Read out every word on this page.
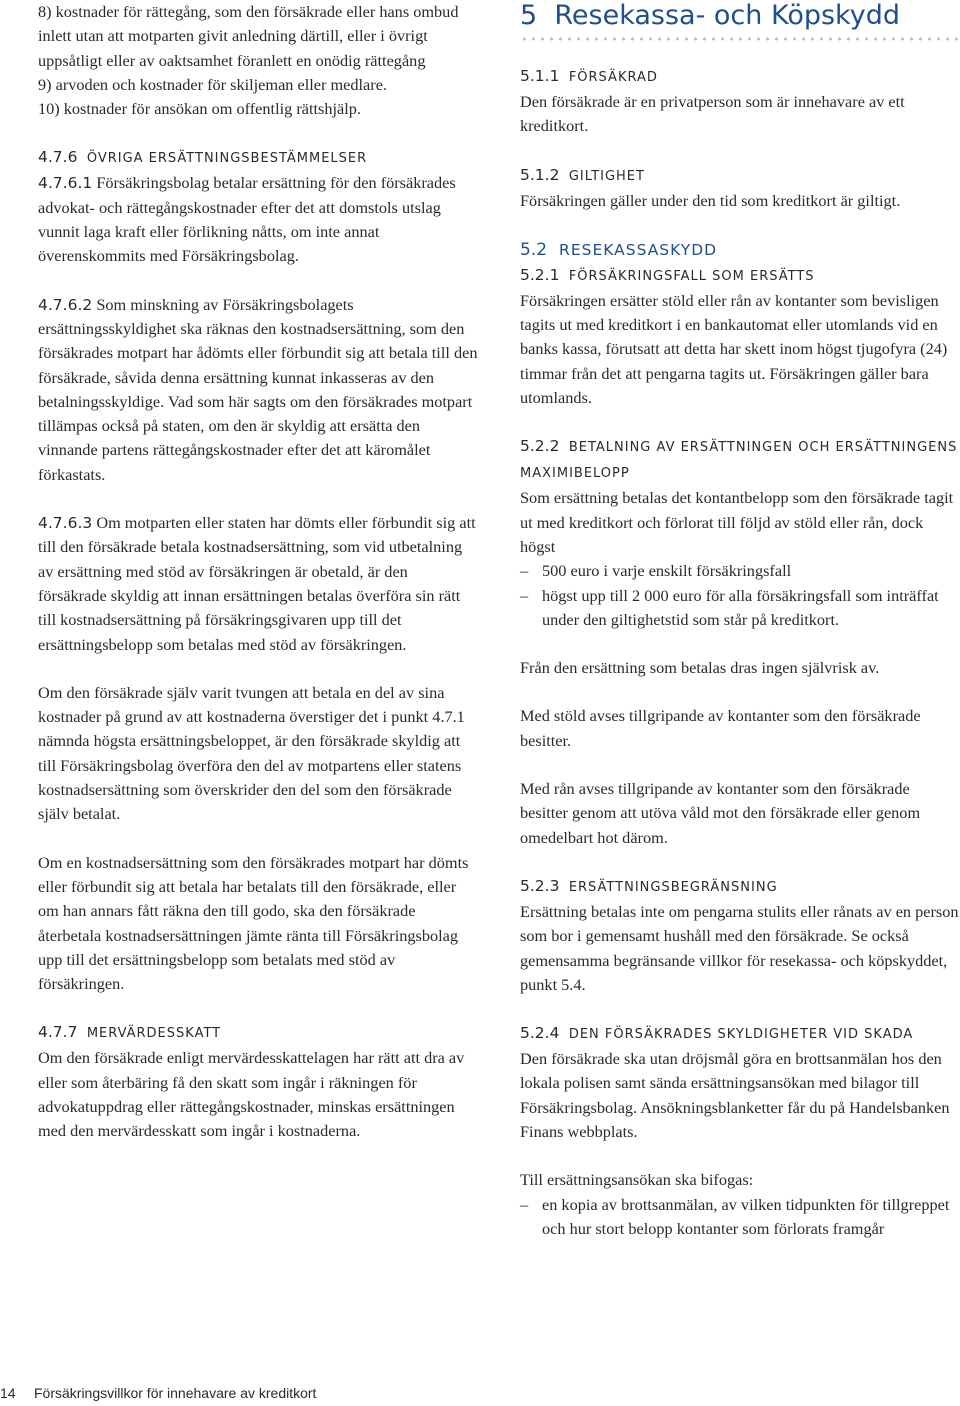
8) kostnader för rättegång, som den försäkrade eller hans ombud inlett utan att motparten givit anledning därtill, eller i övrigt uppsåtligt eller av oaktsamhet föranlett en onödig rättegång

9) arvoden och kostnader för skiljeman eller medlare.

10) kostnader för ansökan om offentlig rättshjälp.

4.7.6 ÖVRIGA ERSÄTTNINGSBESTÄMMELSER

4.7.6.1 Försäkringsbolag betalar ersättning för den försäkrades advokat- och rättegångskostnader efter det att domstols utslag vunnit laga kraft eller förlikning nåtts, om inte annat överenskommits med Försäkringsbolag.

4.7.6.2 Som minskning av Försäkringsbolagets ersättningsskyldighet ska räknas den kostnadsersättning, som den försäkrades motpart har ådömts eller förbundit sig att betala till den försäkrade, såvida denna ersättning kunnat inkasseras av den betalningsskyldige. Vad som här sagts om den försäkrades motpart tillämpas också på staten, om den är skyldig att ersätta den vinnande partens rättegångskostnader efter det att käromålet förkastats.

4.7.6.3 Om motparten eller staten har dömts eller förbundit sig att till den försäkrade betala kostnadsersättning, som vid utbetalning av ersättning med stöd av försäkringen är obetald, är den försäkrade skyldig att innan ersättningen betalas överföra sin rätt till kostnadsersättning på försäkringsgivaren upp till det ersättningsbelopp som betalas med stöd av försäkringen.

Om den försäkrade själv varit tvungen att betala en del av sina kostnader på grund av att kostnaderna överstiger det i punkt 4.7.1 nämnda högsta ersättningsbeloppet, är den försäkrade skyldig att till Försäkringsbolag överföra den del av motpartens eller statens kostnadsersättning som överskrider den del som den försäkrade själv betalat.

Om en kostnadsersättning som den försäkrades motpart har dömts eller förbundit sig att betala har betalats till den försäkrade, eller om han annars fått räkna den till godo, ska den försäkrade återbetala kostnadsersättningen jämte ränta till Försäkringsbolag upp till det ersättningsbelopp som betalats med stöd av försäkringen.

4.7.7 MERVÄRDESSKATT

Om den försäkrade enligt mervärdesskattelagen har rätt att dra av eller som återbäring få den skatt som ingår i räkningen för advokatuppdrag eller rättegångskostnader, minskas ersättningen med den mervärdesskatt som ingår i kostnaderna.

5 Resekassa- och Köpskydd
5.1.1 FÖRSÄKRAD

Den försäkrade är en privatperson som är innehavare av ett kreditkort.

5.1.2 GILTIGHET

Försäkringen gäller under den tid som kreditkort är giltigt.

5.2 RESEKASSASKYDD
5.2.1 FÖRSÄKRINGSFALL SOM ERSÄTTS

Försäkringen ersätter stöld eller rån av kontanter som bevisligen tagits ut med kreditkort i en bankautomat eller utomlands vid en banks kassa, förutsatt att detta har skett inom högst tjugofyra (24) timmar från det att pengarna tagits ut. Försäkringen gäller bara utomlands.

5.2.2 BETALNING AV ERSÄTTNINGEN OCH ERSÄTTNINGENS MAXIMIBELOPP

Som ersättning betalas det kontantbelopp som den försäkrade tagit ut med kreditkort och förlorat till följd av stöld eller rån, dock högst

– 500 euro i varje enskilt försäkringsfall
– högst upp till 2 000 euro för alla försäkringsfall som inträffat under den giltighetstid som står på kreditkort.

Från den ersättning som betalas dras ingen självrisk av.

Med stöld avses tillgripande av kontanter som den försäkrade besitter.

Med rån avses tillgripande av kontanter som den försäkrade besitter genom att utöva våld mot den försäkrade eller genom omedelbart hot därom.

5.2.3 ERSÄTTNINGSBEGRÄNSNING

Ersättning betalas inte om pengarna stulits eller rånats av en person som bor i gemensamt hushåll med den försäkrade. Se också gemensamma begränsande villkor för resekassa- och köpskyddet, punkt 5.4.

5.2.4 DEN FÖRSÄKRADES SKYLDIGHETER VID SKADA

Den försäkrade ska utan dröjsmål göra en brottsanmälan hos den lokala polisen samt sända ersättningsansökan med bilagor till Försäkringsbolag. Ansökningsblanketter får du på Handelsbanken Finans webbplats.

Till ersättningsansökan ska bifogas:

– en kopia av brottsanmälan, av vilken tidpunkten för tillgreppet och hur stort belopp kontanter som förlorats framgår
14 Försäkringsvillkor för innehavare av kreditkort
